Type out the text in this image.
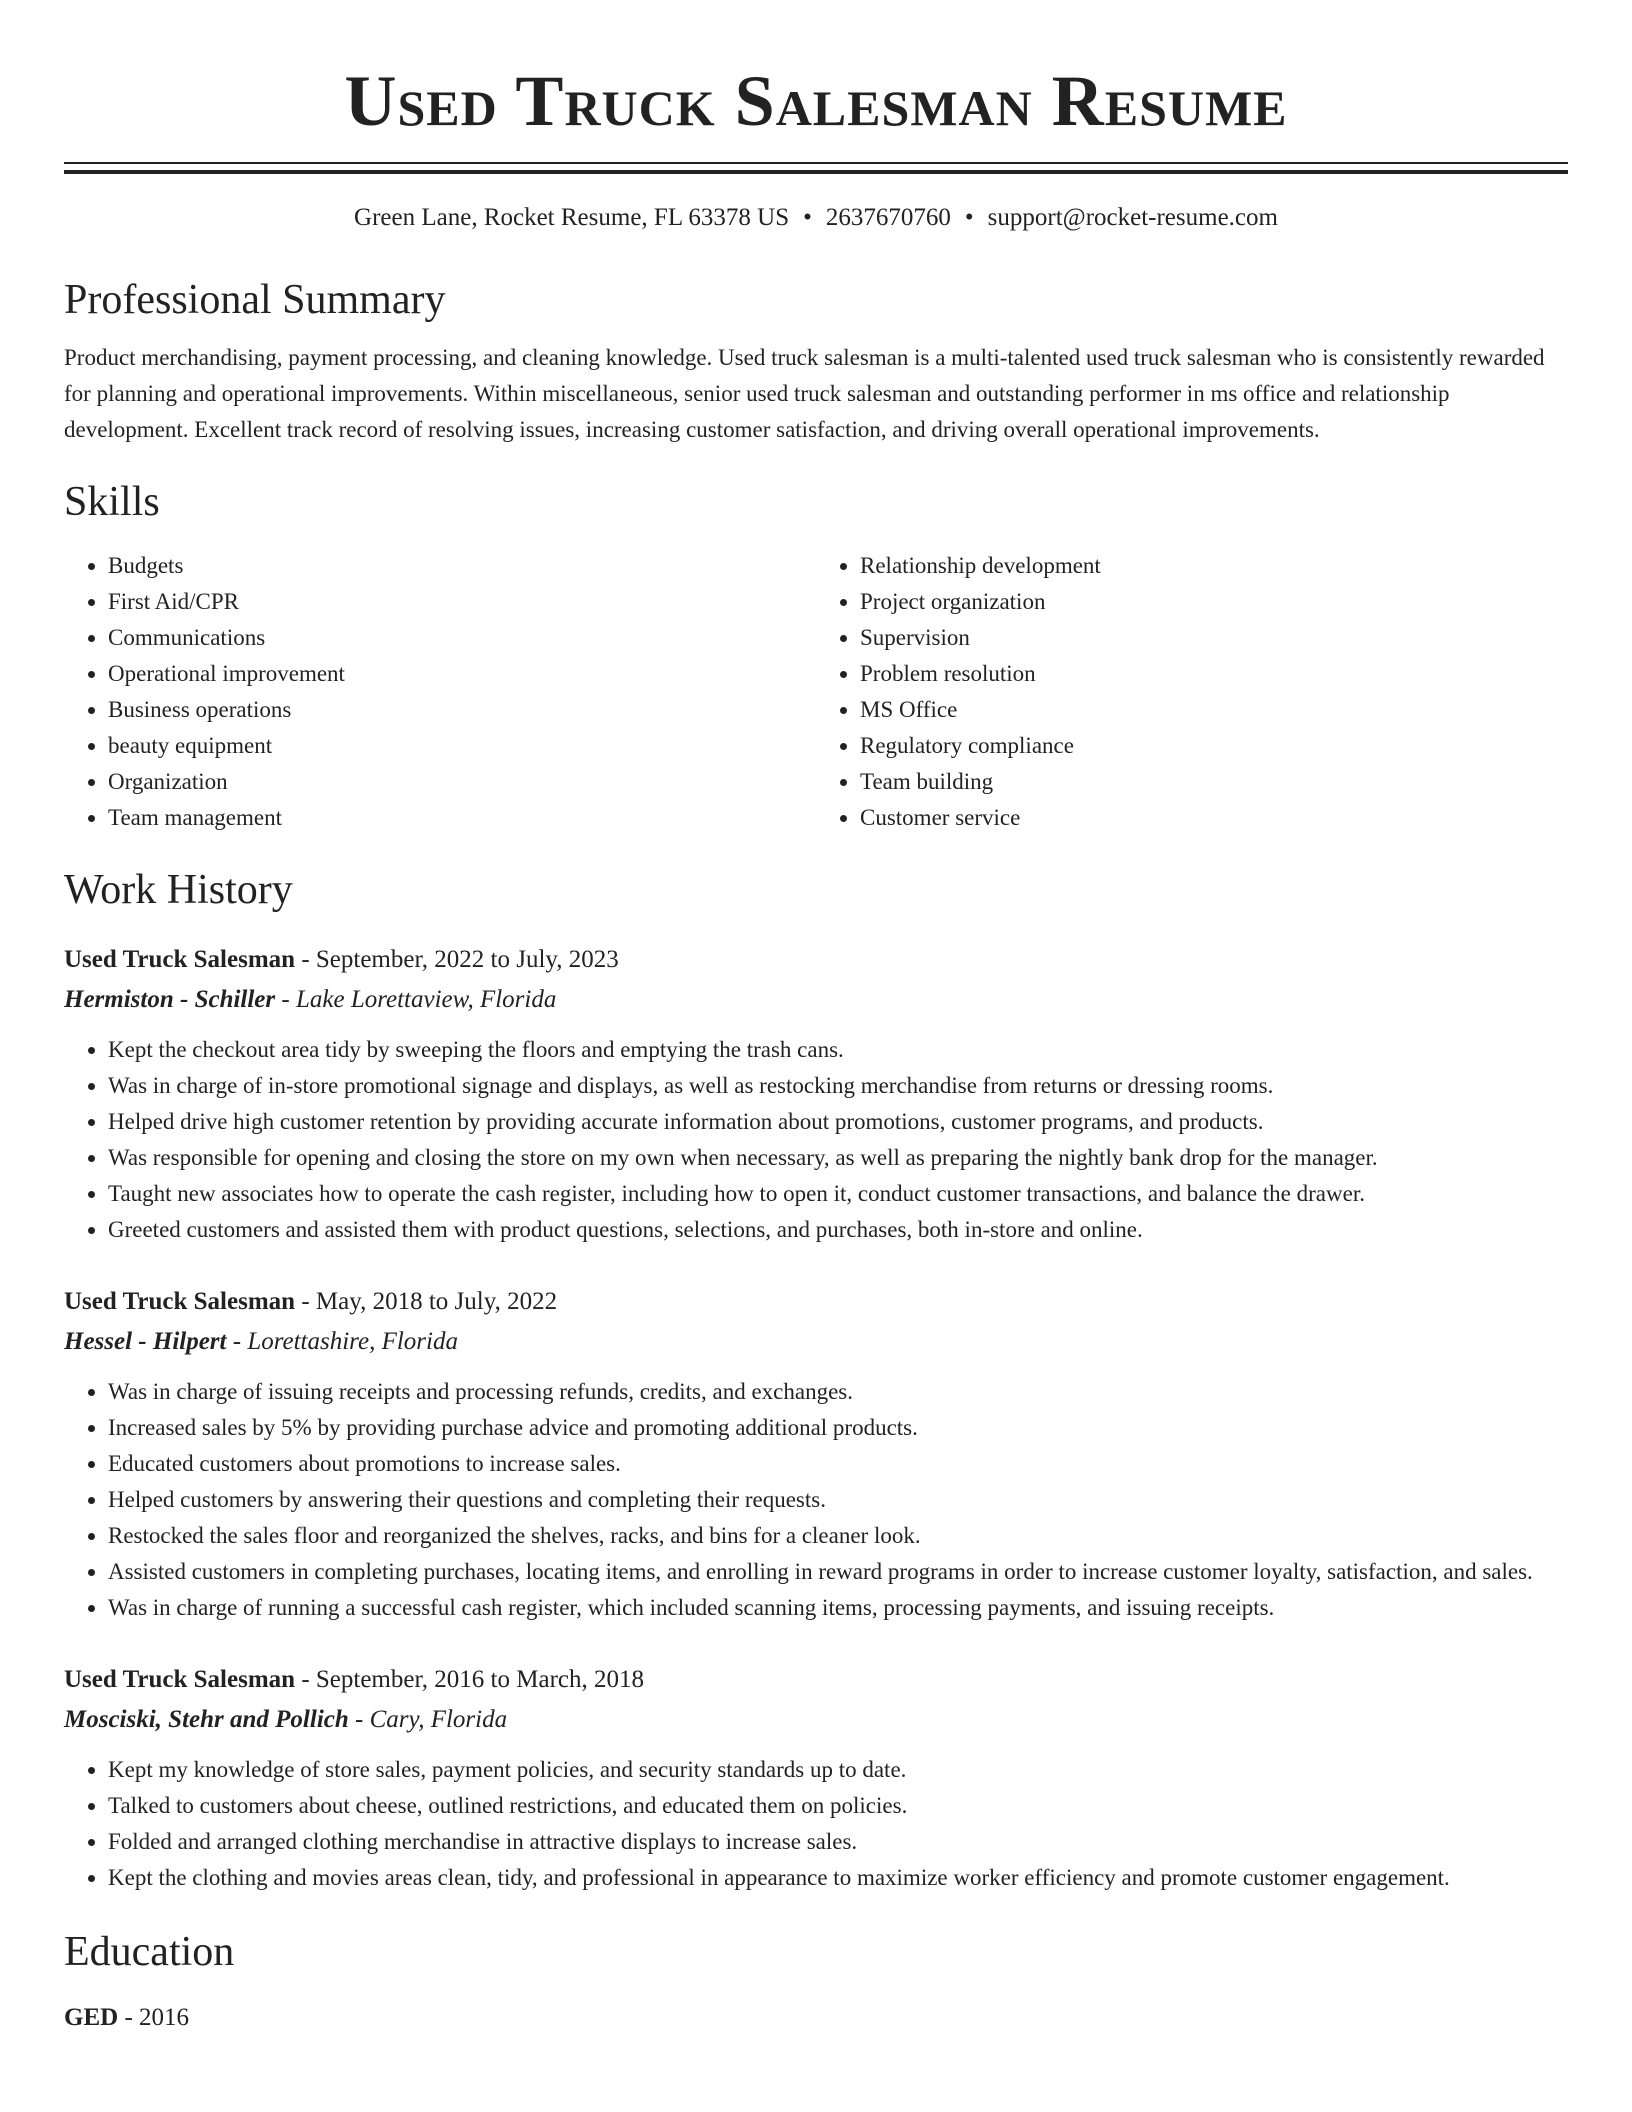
Used Truck Salesman Resume
Green Lane, Rocket Resume, FL 63378 US • 2637670760 • support@rocket-resume.com
Professional Summary

Product merchandising, payment processing, and cleaning knowledge. Used truck salesman is a multi-talented used truck salesman who is consistently rewarded for planning and operational improvements. Within miscellaneous, senior used truck salesman and outstanding performer in ms office and relationship development. Excellent track record of resolving issues, increasing customer satisfaction, and driving overall operational improvements.

Skills
• Budgets
• First Aid/CPR
• Communications
• Operational improvement
• Business operations
• beauty equipment
• Organization
• Team management
• Relationship development
• Project organization
• Supervision
• Problem resolution
• MS Office
• Regulatory compliance
• Team building
• Customer service
Work History
Used Truck Salesman - September, 2022 to July, 2023
Hermiston - Schiller - Lake Lorettaview, Florida
• Kept the checkout area tidy by sweeping the floors and emptying the trash cans.
• Was in charge of in-store promotional signage and displays, as well as restocking merchandise from returns or dressing rooms.
• Helped drive high customer retention by providing accurate information about promotions, customer programs, and products.
• Was responsible for opening and closing the store on my own when necessary, as well as preparing the nightly bank drop for the manager.
• Taught new associates how to operate the cash register, including how to open it, conduct customer transactions, and balance the drawer.
• Greeted customers and assisted them with product questions, selections, and purchases, both in-store and online.
Used Truck Salesman - May, 2018 to July, 2022
Hessel - Hilpert - Lorettashire, Florida
• Was in charge of issuing receipts and processing refunds, credits, and exchanges.
• Increased sales by 5% by providing purchase advice and promoting additional products.
• Educated customers about promotions to increase sales.
• Helped customers by answering their questions and completing their requests.
• Restocked the sales floor and reorganized the shelves, racks, and bins for a cleaner look.
• Assisted customers in completing purchases, locating items, and enrolling in reward programs in order to increase customer loyalty, satisfaction, and sales.
• Was in charge of running a successful cash register, which included scanning items, processing payments, and issuing receipts.
Used Truck Salesman - September, 2016 to March, 2018
Mosciski, Stehr and Pollich - Cary, Florida
• Kept my knowledge of store sales, payment policies, and security standards up to date.
• Talked to customers about cheese, outlined restrictions, and educated them on policies.
• Folded and arranged clothing merchandise in attractive displays to increase sales.
• Kept the clothing and movies areas clean, tidy, and professional in appearance to maximize worker efficiency and promote customer engagement.
Education
GED - 2016
